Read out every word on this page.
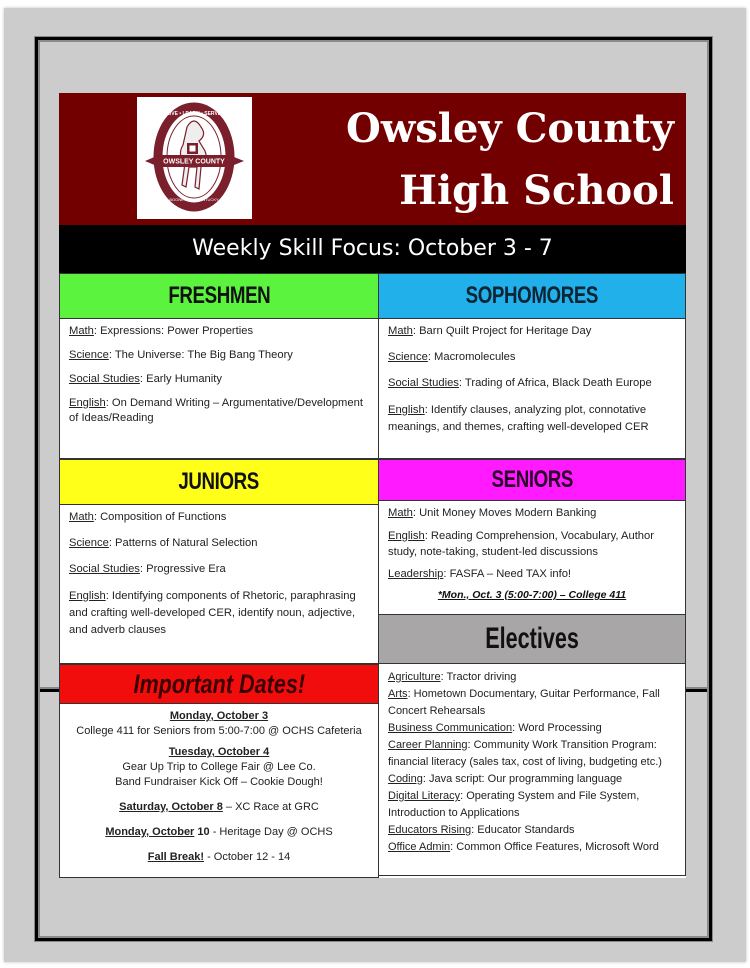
OWSLEY COUNTY
LIVE • LEARN • SERVE
BOONEVILLE, KENTUCKY
Owsley County
High School
Weekly Skill Focus: October 3 - 7
FRESHMEN
Math: Expressions: Power Properties
Science: The Universe: The Big Bang Theory
Social Studies: Early Humanity
English: On Demand Writing – Argumentative/Development of Ideas/Reading
SOPHOMORES
Math: Barn Quilt Project for Heritage Day
Science: Macromolecules
Social Studies: Trading of Africa, Black Death Europe
English: Identify clauses, analyzing plot, connotative meanings, and themes, crafting well-developed CER
JUNIORS
Math: Composition of Functions
Science: Patterns of Natural Selection
Social Studies: Progressive Era
English: Identifying components of Rhetoric, paraphrasing and crafting well-developed CER, identify noun, adjective, and adverb clauses
SENIORS
Math: Unit Money Moves Modern Banking
English: Reading Comprehension, Vocabulary, Author study, note-taking, student-led discussions
Leadership: FASFA – Need TAX info!
*Mon., Oct. 3 (5:00-7:00) – College 411
Electives
Agriculture: Tractor driving
Arts: Hometown Documentary, Guitar Performance, Fall Concert Rehearsals
Business Communication: Word Processing
Career Planning: Community Work Transition Program: financial literacy (sales tax, cost of living, budgeting etc.)
Coding: Java script: Our programming language
Digital Literacy: Operating System and File System, Introduction to Applications
Educators Rising: Educator Standards
Office Admin: Common Office Features, Microsoft Word
Important Dates!
Monday, October 3
College 411 for Seniors from 5:00-7:00 @ OCHS Cafeteria
Tuesday, October 4
Gear Up Trip to College Fair @ Lee Co.
Band Fundraiser Kick Off – Cookie Dough!
Saturday, October 8 – XC Race at GRC
Monday, October 10 - Heritage Day @ OCHS
Fall Break! - October 12 - 14
